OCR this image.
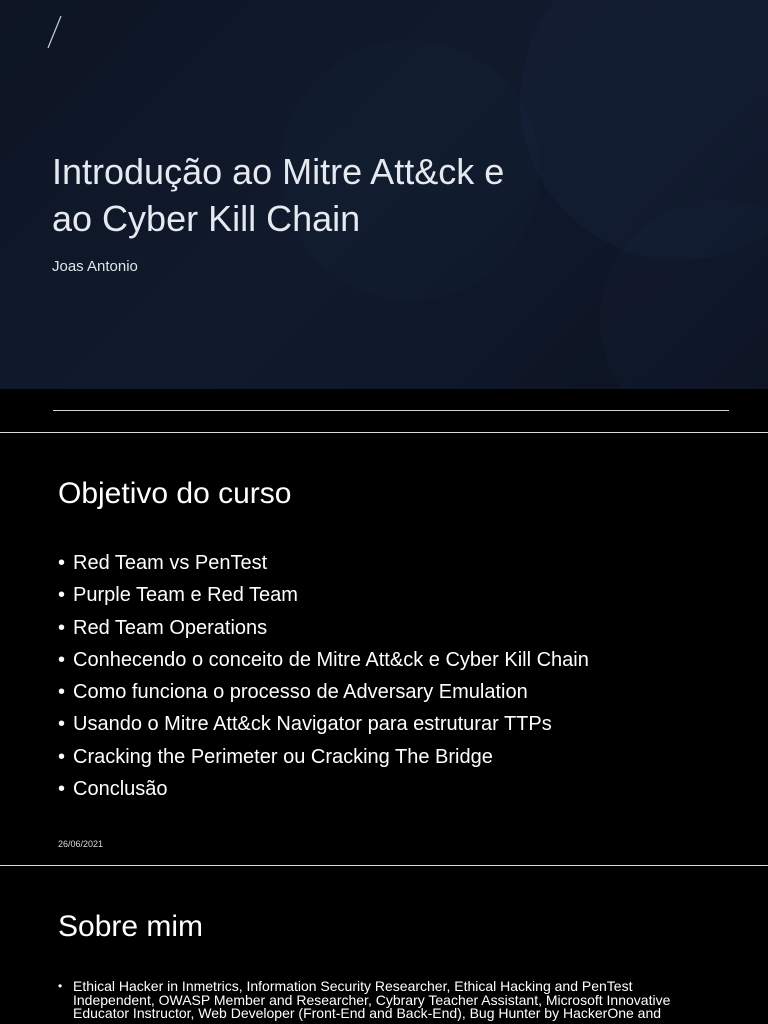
Introdução ao Mitre Att&ck e
ao Cyber Kill Chain

Joas Antonio

Objetivo do curso
• Red Team vs PenTest
• Purple Team e Red Team
• Red Team Operations
• Conhecendo o conceito de Mitre Att&ck e Cyber Kill Chain
• Como funciona o processo de Adversary Emulation
• Usando o Mitre Att&ck Navigator para estruturar TTPs
• Cracking the Perimeter ou Cracking The Bridge
• Conclusão

26/06/2021

Sobre mim

• Ethical Hacker in Inmetrics, Information Security Researcher, Ethical Hacking and PenTest Independent, OWASP Member and Researcher, Cybrary Teacher Assistant, Microsoft Innovative Educator Instructor, Web Developer (Front-End and Back-End), Bug Hunter by HackerOne and
